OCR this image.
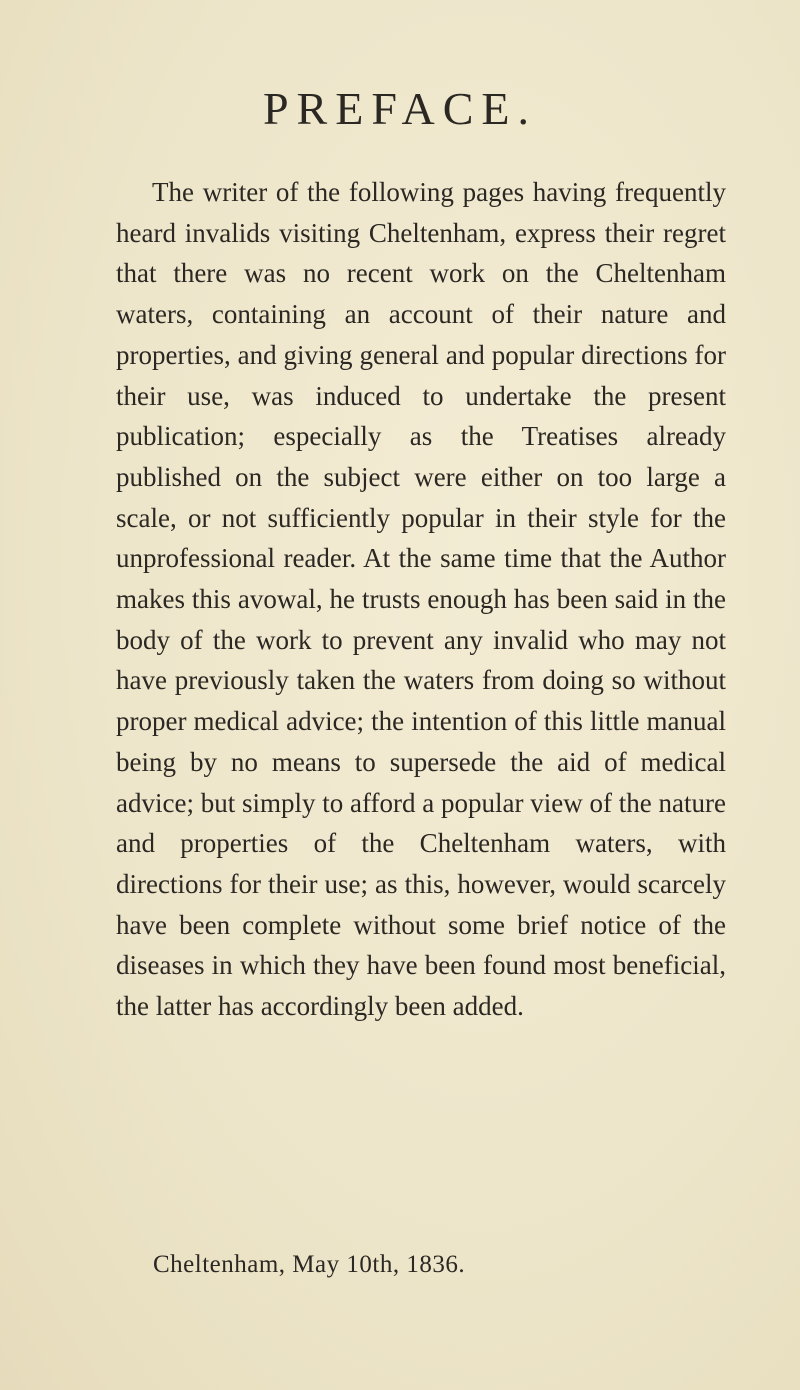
PREFACE.

The writer of the following pages having frequently heard invalids visiting Cheltenham, express their regret that there was no recent work on the Cheltenham waters, containing an account of their nature and properties, and giving general and popular directions for their use, was induced to undertake the present publication; especially as the Treatises already published on the subject were either on too large a scale, or not sufficiently popular in their style for the unprofessional reader. At the same time that the Author makes this avowal, he trusts enough has been said in the body of the work to prevent any invalid who may not have previously taken the waters from doing so without proper medical advice; the intention of this little manual being by no means to supersede the aid of medical advice; but simply to afford a popular view of the nature and properties of the Cheltenham waters, with directions for their use; as this, however, would scarcely have been complete without some brief notice of the diseases in which they have been found most beneficial, the latter has accordingly been added.

Cheltenham, May 10th, 1836.
